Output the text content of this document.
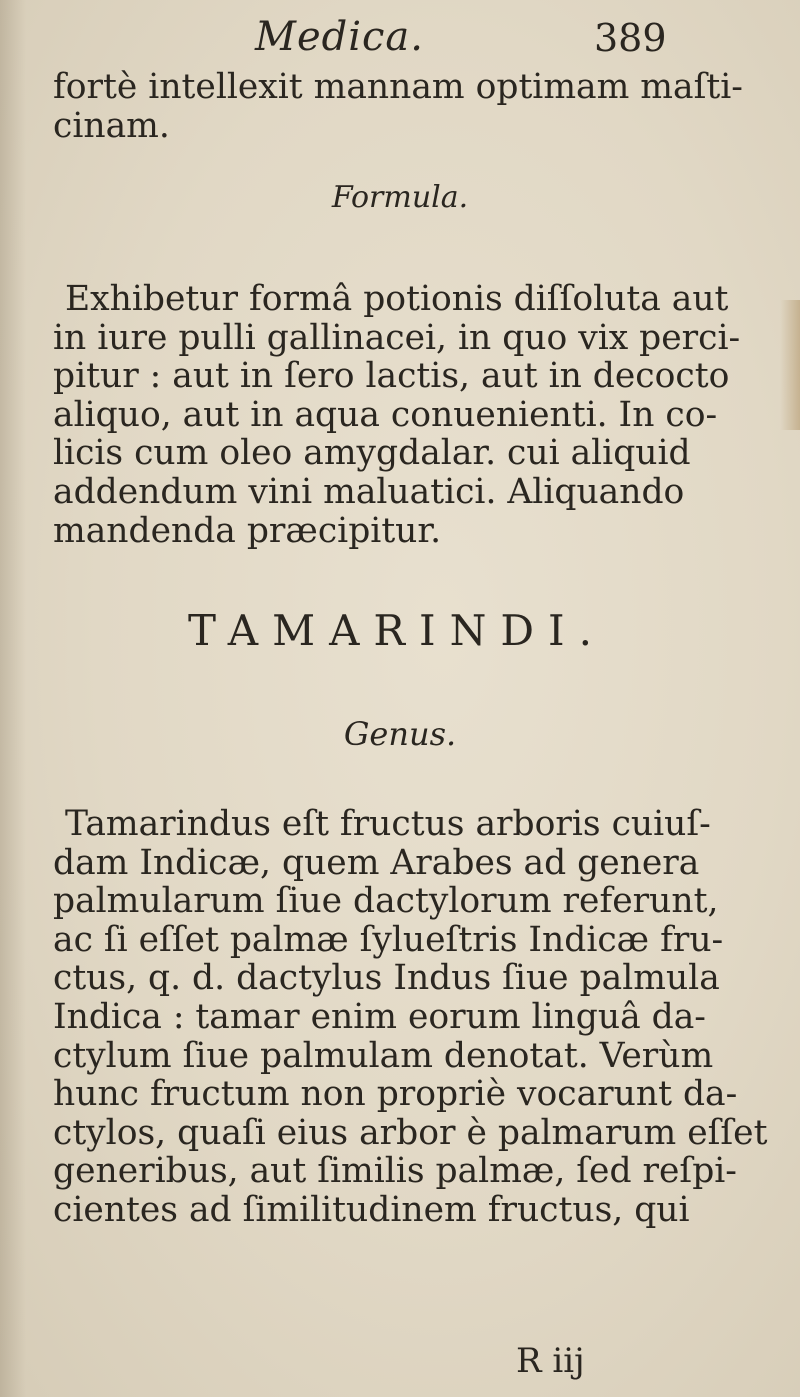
Medica.	389
fortè intellexit mannam optimam maſti-
cinam.
Formula.
Exhibetur formâ potionis diſſoluta aut
in iure pulli gallinacei, in quo vix perci-
pitur : aut in ſero lactis, aut in decocto
aliquo, aut in aqua conuenienti. In co-
licis cum oleo amygdalar. cui aliquid
addendum vini maluatici. Aliquando
mandenda præcipitur.
TAMARINDI.
Genus.
Tamarindus eſt fructus arboris cuiuſ-
dam Indicæ, quem Arabes ad genera
palmularum ſiue dactylorum referunt,
ac ſi eſſet palmæ ſylueſtris Indicæ fru-
ctus, q. d. dactylus Indus ſiue palmula
Indica : tamar enim eorum linguâ da-
ctylum ſiue palmulam denotat. Verùm
hunc fructum non propriè vocarunt da-
ctylos, quaſi eius arbor è palmarum eſſet
generibus, aut ſimilis palmæ, ſed reſpi-
cientes ad ſimilitudinem fructus, qui
R iij
